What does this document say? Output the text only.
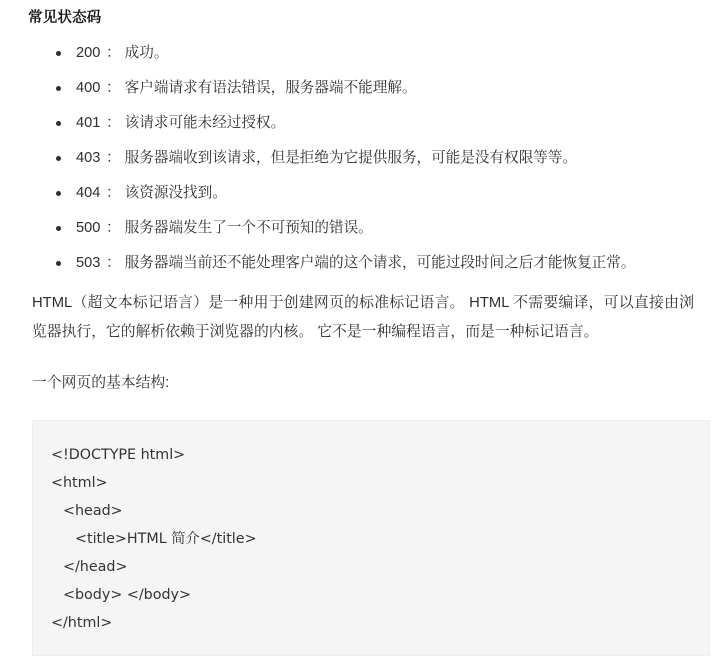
常见状态码
200 ： 成功。
400 ： 客户端请求有语法错误，服务器端不能理解。
401 ： 该请求可能未经过授权。
403 ： 服务器端收到该请求，但是拒绝为它提供服务，可能是没有权限等等。
404 ： 该资源没找到。
500 ： 服务器端发生了一个不可预知的错误。
503 ： 服务器端当前还不能处理客户端的这个请求，可能过段时间之后才能恢复正常。

HTML（超文本标记语言）是一种用于创建网页的标准标记语言。 HTML 不需要编译，可以直接由浏览器执行，它的解析依赖于浏览器的内核。 它不是一种编程语言，而是一种标记语言。

一个网页的基本结构:

<!DOCTYPE html>
<html>
<head>
<title>HTML 简介</title>
</head>
<body> </body>
</html>
